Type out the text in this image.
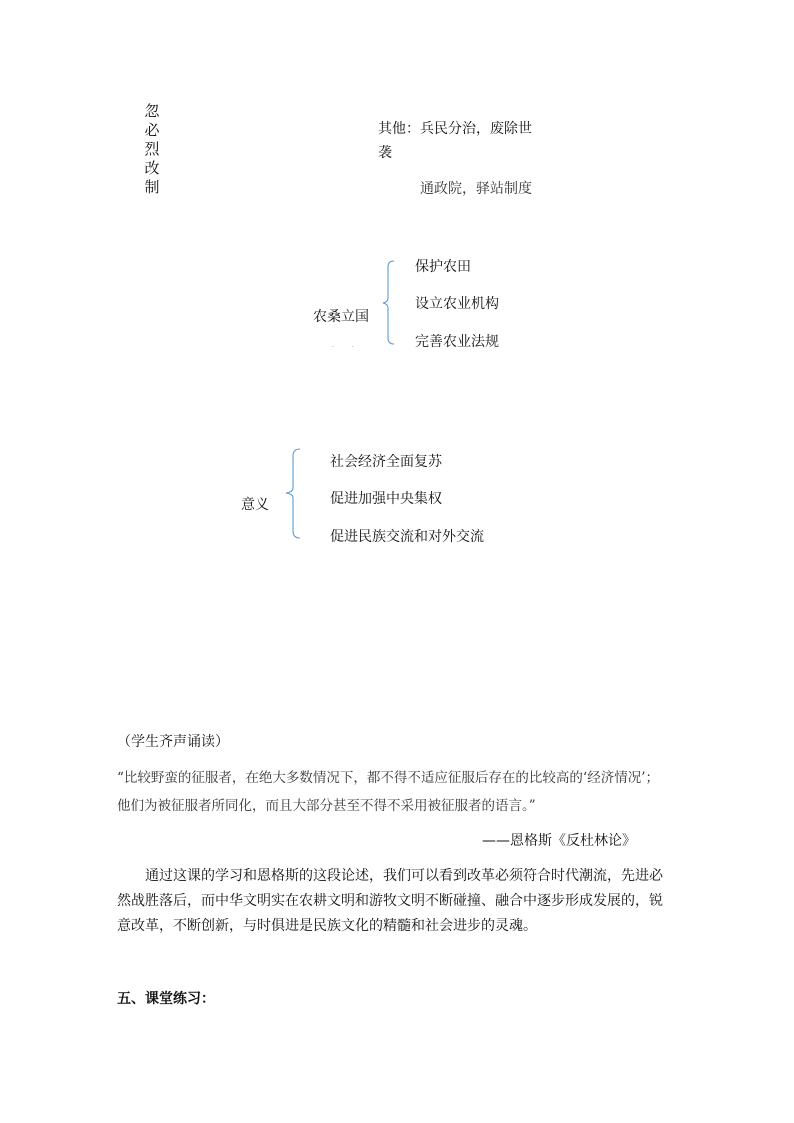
忽
必
烈
改
制
其他：兵民分治，废除世袭
通政院，驿站制度
农桑立国
· ·
保护农田
设立农业机构
完善农业法规
意义
社会经济全面复苏
促进加强中央集权
促进民族交流和对外交流
（学生齐声诵读）
“比较野蛮的征服者，在绝大多数情况下，都不得不适应征服后存在的比较高的‘经济情况’；他们为被征服者所同化，而且大部分甚至不得不采用被征服者的语言。”
——恩格斯《反杜林论》
通过这课的学习和恩格斯的这段论述，我们可以看到改革必须符合时代潮流，先进必然战胜落后，而中华文明实在农耕文明和游牧文明不断碰撞、融合中逐步形成发展的，锐意改革，不断创新，与时俱进是民族文化的精髓和社会进步的灵魂。
五、课堂练习：
